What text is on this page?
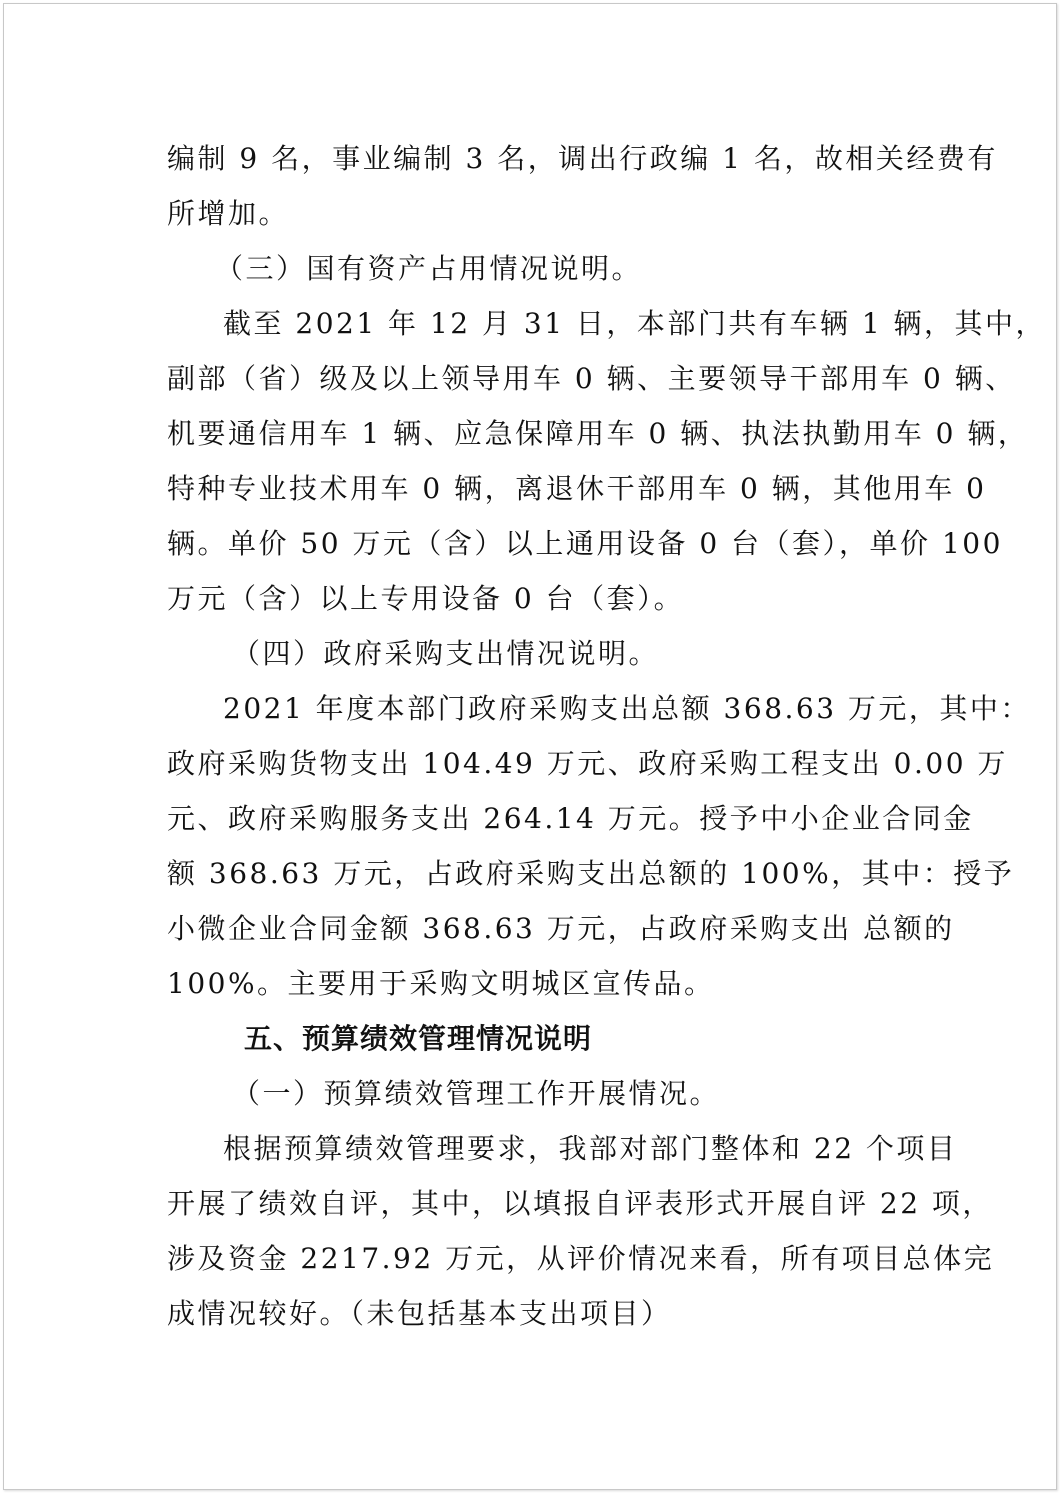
编制 9 名，事业编制 3 名，调出行政编 1 名，故相关经费有
所增加。
（三）国有资产占用情况说明。
截至 2021 年 12 月 31 日，本部门共有车辆 1 辆，其中，
副部（省）级及以上领导用车 0 辆、主要领导干部用车 0 辆、
机要通信用车 1 辆、应急保障用车 0 辆、执法执勤用车 0 辆，
特种专业技术用车 0 辆，离退休干部用车 0 辆，其他用车 0
辆。单价 50 万元（含）以上通用设备 0 台（套），单价 100
万元（含）以上专用设备 0 台（套）。
（四）政府采购支出情况说明。
2021 年度本部门政府采购支出总额 368.63 万元，其中：
政府采购货物支出 104.49 万元、政府采购工程支出 0.00 万
元、政府采购服务支出 264.14 万元。授予中小企业合同金
额 368.63 万元，占政府采购支出总额的 100%，其中：授予
小微企业合同金额 368.63 万元，占政府采购支出 总额的
100%。主要用于采购文明城区宣传品。
五、预算绩效管理情况说明
（一）预算绩效管理工作开展情况。
根据预算绩效管理要求，我部对部门整体和 22 个项目
开展了绩效自评，其中，以填报自评表形式开展自评 22 项，
涉及资金 2217.92 万元，从评价情况来看，所有项目总体完
成情况较好。（未包括基本支出项目）
